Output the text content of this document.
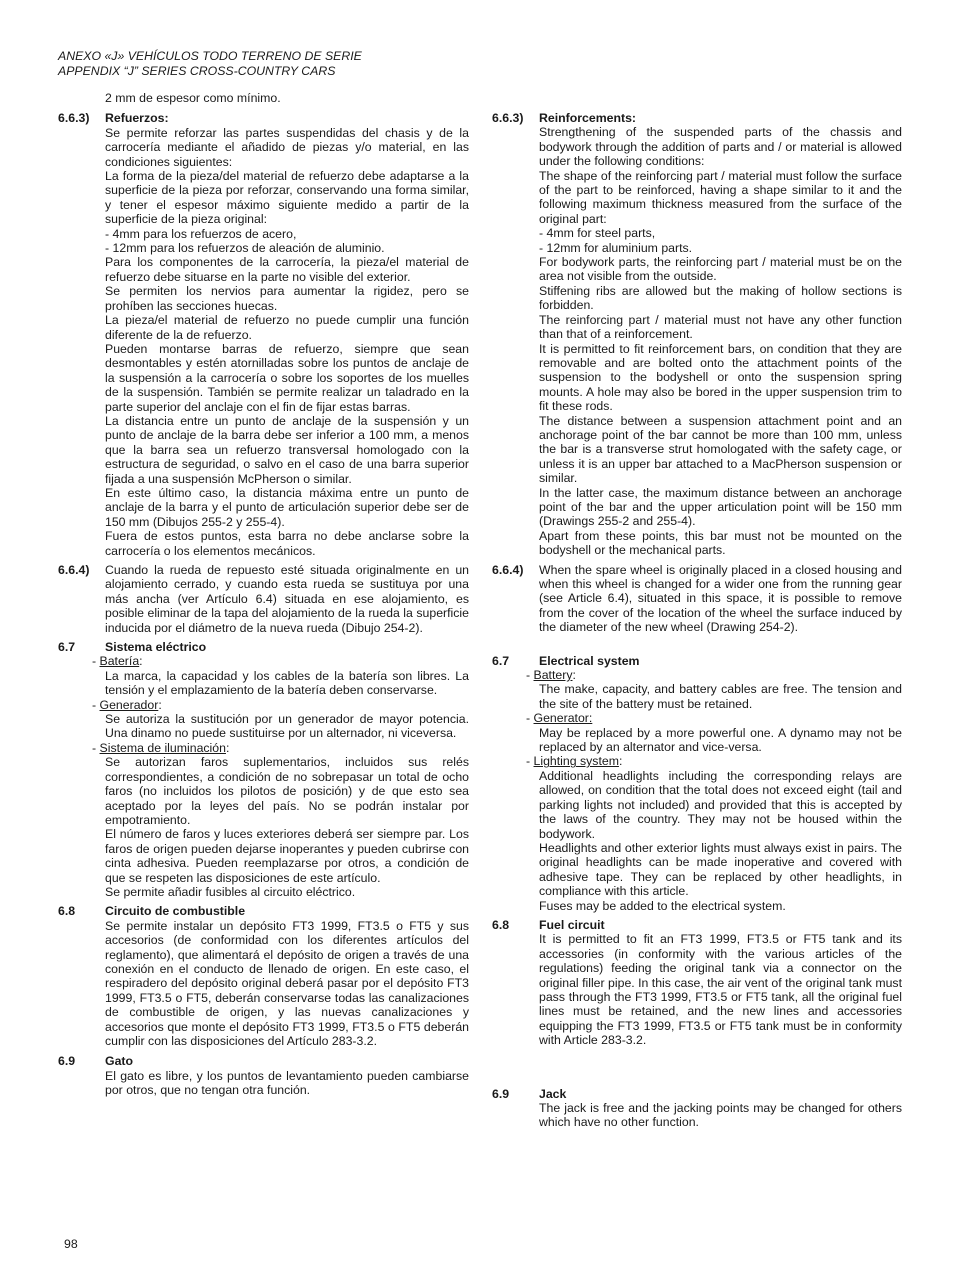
ANEXO «J» VEHÍCULOS TODO TERRENO DE SERIE
APPENDIX “J” SERIES CROSS-COUNTRY CARS
2 mm de espesor como mínimo.
6.6.3)	Refuerzos:

Se permite reforzar las partes suspendidas del chasis y de la carrocería mediante el añadido de piezas y/o material, en las condiciones siguientes:

La forma de la pieza/del material de refuerzo debe adaptarse a la superficie de la pieza por reforzar, conservando una forma similar, y tener el espesor máximo siguiente medido a partir de la superficie de la pieza original:

- 4mm para los refuerzos de acero,

- 12mm para los refuerzos de aleación de aluminio.

Para los componentes de la carrocería, la pieza/el material de refuerzo debe situarse en la parte no visible del exterior.

Se permiten los nervios para aumentar la rigidez, pero se prohíben las secciones huecas.

La pieza/el material de refuerzo no puede cumplir una función diferente de la de refuerzo.

Pueden montarse barras de refuerzo, siempre que sean desmontables y estén atornilladas sobre los puntos de anclaje de la suspensión a la carrocería o sobre los soportes de los muelles de la suspensión. También se permite realizar un taladrado en la parte superior del anclaje con el fin de fijar estas barras.

La distancia entre un punto de anclaje de la suspensión y un punto de anclaje de la barra debe ser inferior a 100 mm, a menos que la barra sea un refuerzo transversal homologado con la estructura de seguridad, o salvo en el caso de una barra superior fijada a una suspensión McPherson o similar.

En este último caso, la distancia máxima entre un punto de anclaje de la barra y el punto de articulación superior debe ser de 150 mm (Dibujos 255-2 y 255-4).

Fuera de estos puntos, esta barra no debe anclarse sobre la carrocería o los elementos mecánicos.

6.6.4)	Cuando la rueda de repuesto esté situada originalmente en un alojamiento cerrado, y cuando esta rueda se sustituya por una más ancha (ver Artículo 6.4) situada en ese alojamiento, es posible eliminar de la tapa del alojamiento de la rueda la superficie inducida por el diámetro de la nueva rueda (Dibujo 254-2).

6.7	Sistema eléctrico
- Batería:

La marca, la capacidad y los cables de la batería son libres. La tensión y el emplazamiento de la batería deben conservarse.

- Generador:

Se autoriza la sustitución por un generador de mayor potencia. Una dinamo no puede sustituirse por un alternador, ni viceversa.

- Sistema de iluminación:

Se autorizan faros suplementarios, incluidos sus relés correspondientes, a condición de no sobrepasar un total de ocho faros (no incluidos los pilotos de posición) y de que esto sea aceptado por la leyes del país. No se podrán instalar por empotramiento.

El número de faros y luces exteriores deberá ser siempre par. Los faros de origen pueden dejarse inoperantes y pueden cubrirse con cinta adhesiva. Pueden reemplazarse por otros, a condición de que se respeten las disposiciones de este artículo.

Se permite añadir fusibles al circuito eléctrico.

6.8	Circuito de combustible

Se permite instalar un depósito FT3 1999, FT3.5 o FT5 y sus accesorios (de conformidad con los diferentes artículos del reglamento), que alimentará el depósito de origen a través de una conexión en el conducto de llenado de origen. En este caso, el respiradero del depósito original deberá pasar por el depósito FT3 1999, FT3.5 o FT5, deberán conservarse todas las canalizaciones de combustible de origen, y las nuevas canalizaciones y accesorios que monte el depósito FT3 1999, FT3.5 o FT5 deberán cumplir con las disposiciones del Artículo 283-3.2.

6.9	Gato

El gato es libre, y los puntos de levantamiento pueden cambiarse por otros, que no tengan otra función.

6.6.3)	Reinforcements:

Strengthening of the suspended parts of the chassis and bodywork through the addition of parts and / or material is allowed under the following conditions:

The shape of the reinforcing part / material must follow the surface of the part to be reinforced, having a shape similar to it and the following maximum thickness measured from the surface of the original part:

- 4mm for steel parts,

- 12mm for aluminium parts.

For bodywork parts, the reinforcing part / material must be on the area not visible from the outside.

Stiffening ribs are allowed but the making of hollow sections is forbidden.

The reinforcing part / material must not have any other function than that of a reinforcement.

It is permitted to fit reinforcement bars, on condition that they are removable and are bolted onto the attachment points of the suspension to the bodyshell or onto the suspension spring mounts. A hole may also be bored in the upper suspension trim to fit these rods.

The distance between a suspension attachment point and an anchorage point of the bar cannot be more than 100 mm, unless the bar is a transverse strut homologated with the safety cage, or unless it is an upper bar attached to a MacPherson suspension or similar.

In the latter case, the maximum distance between an anchorage point of the bar and the upper articulation point will be 150 mm (Drawings 255-2 and 255-4).

Apart from these points, this bar must not be mounted on the bodyshell or the mechanical parts.

6.6.4)	When the spare wheel is originally placed in a closed housing and when this wheel is changed for a wider one from the running gear (see Article 6.4), situated in this space, it is possible to remove from the cover of the location of the wheel the surface induced by the diameter of the new wheel (Drawing 254-2).

6.7	Electrical system
- Battery:

The make, capacity, and battery cables are free. The tension and the site of the battery must be retained.

- Generator:

May be replaced by a more powerful one. A dynamo may not be replaced by an alternator and vice-versa.

- Lighting system:

Additional headlights including the corresponding relays are allowed, on condition that the total does not exceed eight (tail and parking lights not included) and provided that this is accepted by the laws of the country. They may not be housed within the bodywork.

Headlights and other exterior lights must always exist in pairs. The original headlights can be made inoperative and covered with adhesive tape. They can be replaced by other headlights, in compliance with this article.

Fuses may be added to the electrical system.

6.8	Fuel circuit

It is permitted to fit an FT3 1999, FT3.5 or FT5 tank and its accessories (in conformity with the various articles of the regulations) feeding the original tank via a connector on the original filler pipe. In this case, the air vent of the original tank must pass through the FT3 1999, FT3.5 or FT5 tank, all the original fuel lines must be retained, and the new lines and accessories equipping the FT3 1999, FT3.5 or FT5 tank must be in conformity with Article 283-3.2.

6.9	Jack

The jack is free and the jacking points may be changed for others which have no other function.

98
